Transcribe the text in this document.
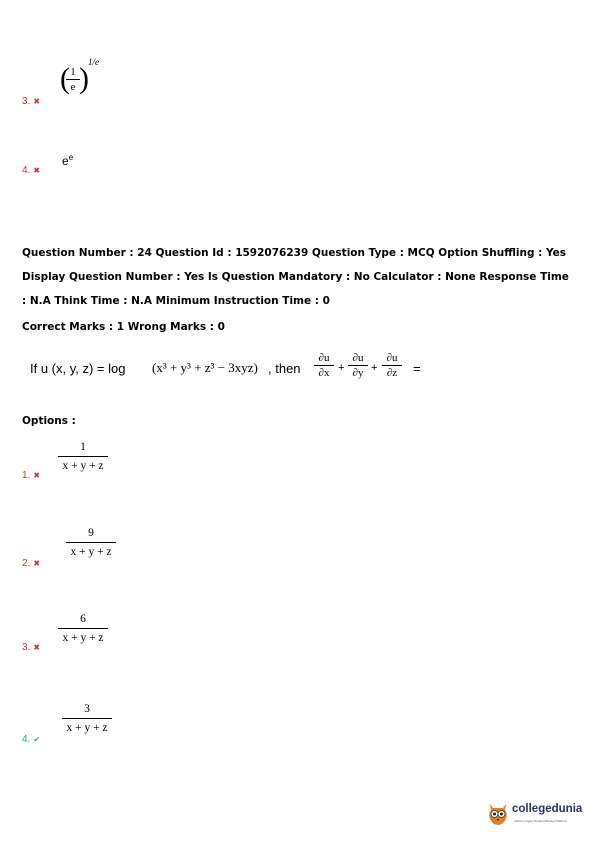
3. ✖
( 1
e ) 1/e
4. ✖
$e^e$
Question Number : 24 Question Id : 1592076239 Question Type : MCQ Option Shuffling : Yes
Display Question Number : Yes Is Question Mandatory : No Calculator : None Response Time
: N.A Think Time : N.A Minimum Instruction Time : 0
Correct Marks : 1 Wrong Marks : 0
If u (x, y, z) = log (x³ + y³ + z³ − 3xyz) , then
∂u
∂x +
∂u
∂y +
∂u
∂z	=
Options :
1. ✖
1
x + y + z
2. ✖
9
x + y + z
3. ✖
6
x + y + z
4. ✔
3
x + y + z
collegedunia
India's Largest Student Review Platform
